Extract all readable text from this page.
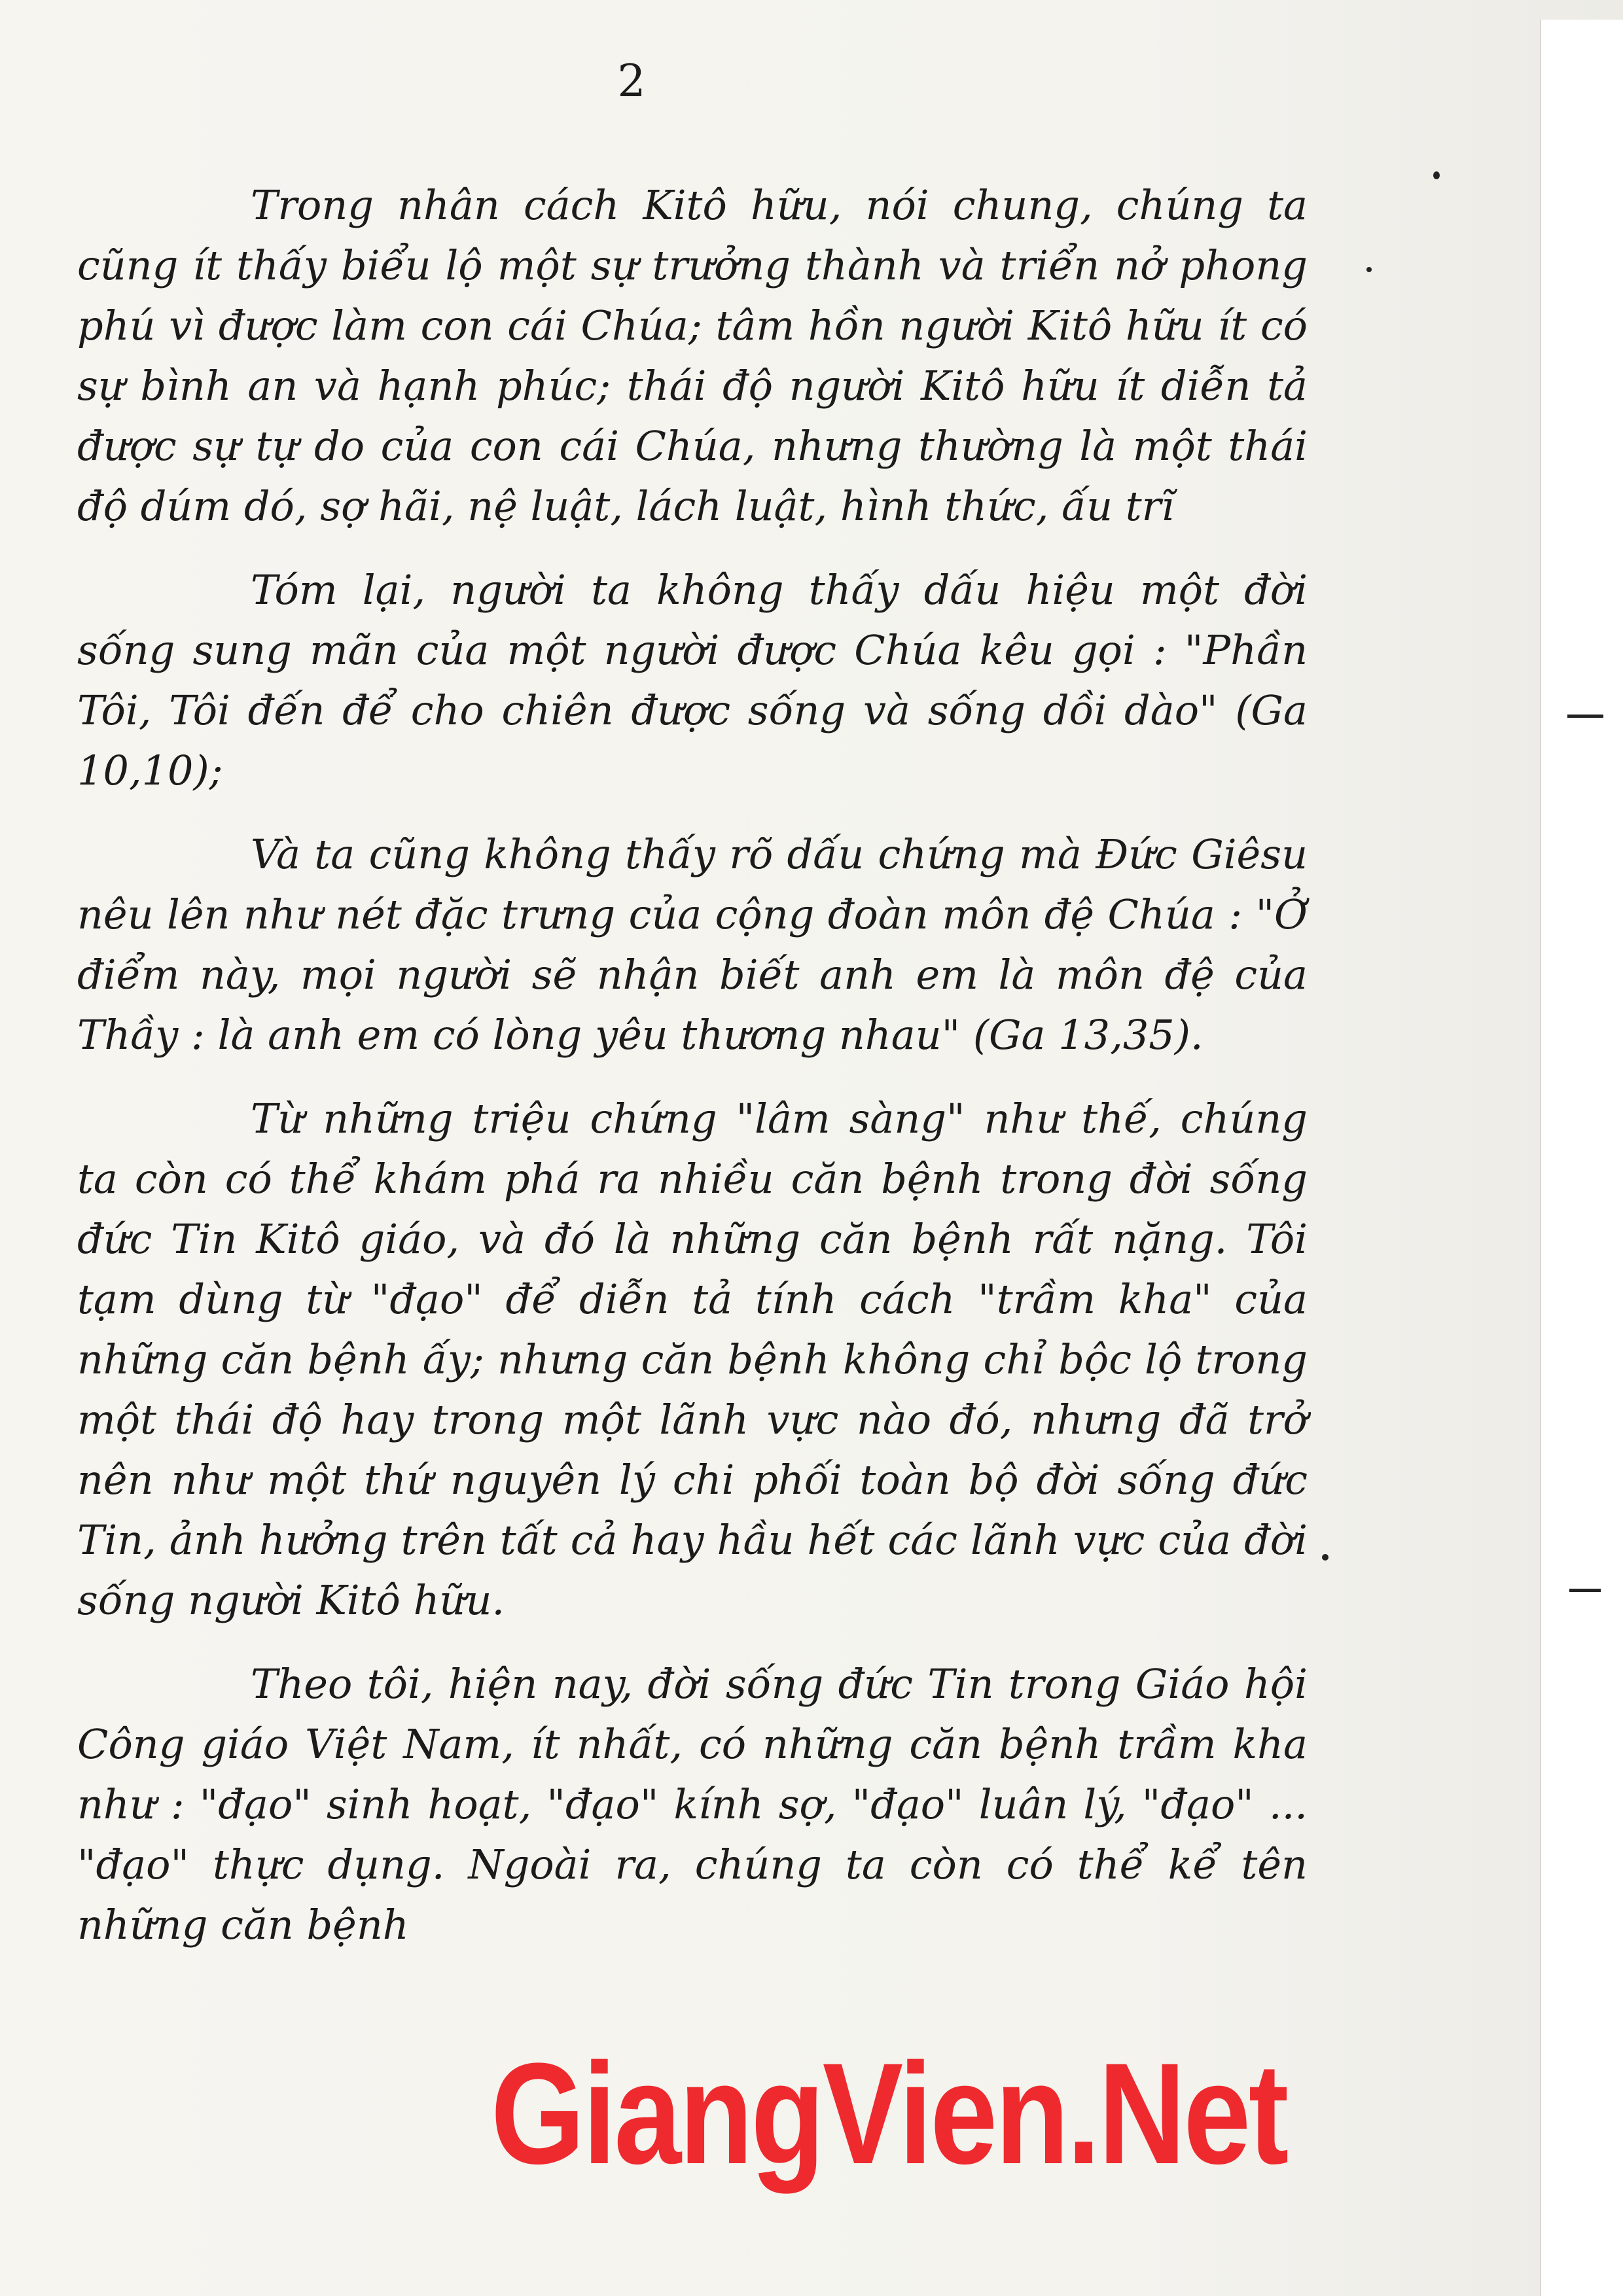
2

Trong nhân cách Kitô hữu, nói chung, chúng ta cũng ít thấy biểu lộ một sự trưởng thành và triển nở phong phú vì được làm con cái Chúa; tâm hồn người Kitô hữu ít có sự bình an và hạnh phúc; thái độ người Kitô hữu ít diễn tả được sự tự do của con cái Chúa, nhưng thường là một thái độ dúm dó, sợ hãi, nệ luật, lách luật, hình thức, ấu trĩ

Tóm lại, người ta không thấy dấu hiệu một đời sống sung mãn của một người được Chúa kêu gọi : "Phần Tôi, Tôi đến để cho chiên được sống và sống dồi dào" (Ga 10,10);

Và ta cũng không thấy rõ dấu chứng mà Đức Giêsu nêu lên như nét đặc trưng của cộng đoàn môn đệ Chúa : "Ở điểm này, mọi người sẽ nhận biết anh em là môn đệ của Thầy : là anh em có lòng yêu thương nhau" (Ga 13,35).

Từ những triệu chứng "lâm sàng" như thế, chúng ta còn có thể khám phá ra nhiều căn bệnh trong đời sống đức Tin Kitô giáo, và đó là những căn bệnh rất nặng. Tôi tạm dùng từ "đạo" để diễn tả tính cách "trầm kha" của những căn bệnh ấy; nhưng căn bệnh không chỉ bộc lộ trong một thái độ hay trong một lãnh vực nào đó, nhưng đã trở nên như một thứ nguyên lý chi phối toàn bộ đời sống đức Tin, ảnh hưởng trên tất cả hay hầu hết các lãnh vực của đời sống người Kitô hữu.

Theo tôi, hiện nay, đời sống đức Tin trong Giáo hội Công giáo Việt Nam, ít nhất, có những căn bệnh trầm kha như : "đạo" sinh hoạt, "đạo" kính sợ, "đạo" luân lý, "đạo" ... "đạo" thực dụng. Ngoài ra, chúng ta còn có thể kể tên những căn bệnh

GiangVien.Net
